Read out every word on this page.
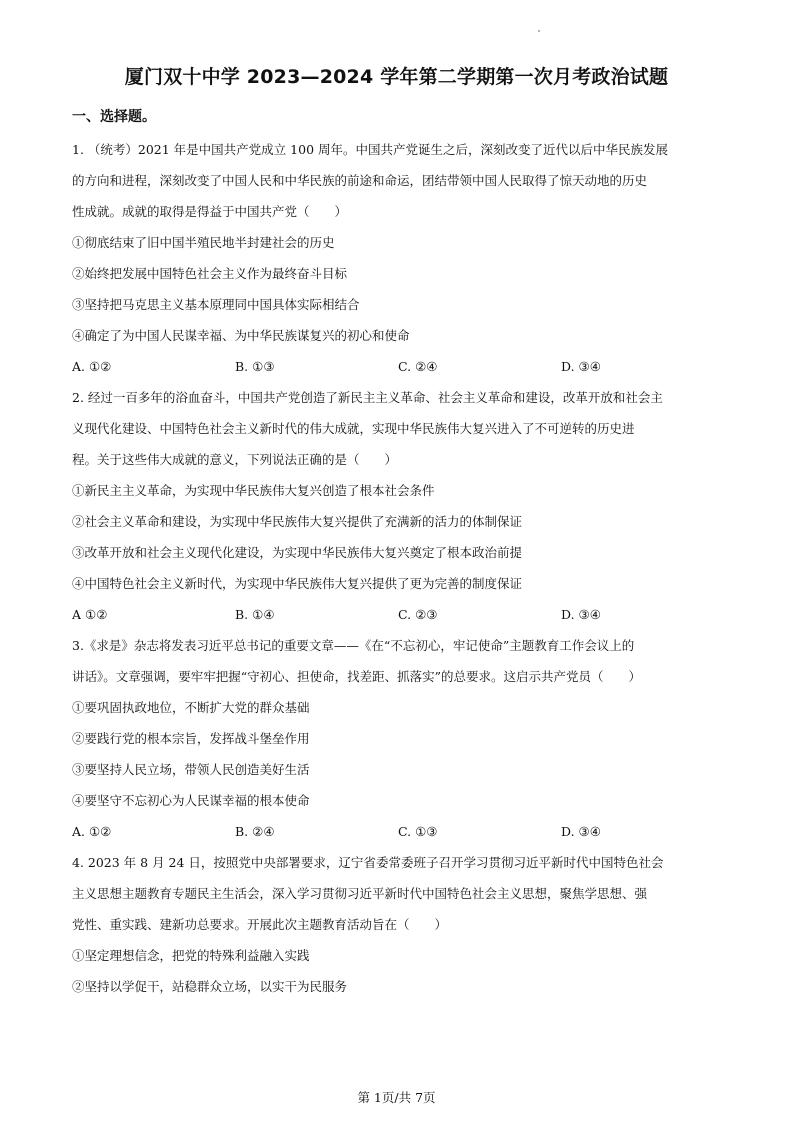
厦门双十中学 2023—2024 学年第二学期第一次月考政治试题
一、选择题。
1. （统考）2021 年是中国共产党成立 100 周年。中国共产党诞生之后，深刻改变了近代以后中华民族发展
的方向和进程，深刻改变了中国人民和中华民族的前途和命运，团结带领中国人民取得了惊天动地的历史
性成就。成就的取得是得益于中国共产党（　　）
①彻底结束了旧中国半殖民地半封建社会的历史
②始终把发展中国特色社会主义作为最终奋斗目标
③坚持把马克思主义基本原理同中国具体实际相结合
④确定了为中国人民谋幸福、为中华民族谋复兴的初心和使命
A. ①②	B. ①③	C. ②④	D. ③④
2. 经过一百多年的浴血奋斗，中国共产党创造了新民主主义革命、社会主义革命和建设，改革开放和社会主
义现代化建设、中国特色社会主义新时代的伟大成就，实现中华民族伟大复兴进入了不可逆转的历史进
程。关于这些伟大成就的意义，下列说法正确的是（　　）
①新民主主义革命，为实现中华民族伟大复兴创造了根本社会条件
②社会主义革命和建设，为实现中华民族伟大复兴提供了充满新的活力的体制保证
③改革开放和社会主义现代化建设，为实现中华民族伟大复兴奠定了根本政治前提
④中国特色社会主义新时代，为实现中华民族伟大复兴提供了更为完善的制度保证
A ①②	B. ①④	C. ②③	D. ③④
3.《求是》杂志将发表习近平总书记的重要文章——《在“不忘初心，牢记使命”主题教育工作会议上的
讲话》。文章强调，要牢牢把握“守初心、担使命，找差距、抓落实”的总要求。这启示共产党员（　　）
①要巩固执政地位，不断扩大党的群众基础
②要践行党的根本宗旨，发挥战斗堡垒作用
③要坚持人民立场，带领人民创造美好生活
④要坚守不忘初心为人民谋幸福的根本使命
A. ①②	B. ②④	C. ①③	D. ③④
4. 2023 年 8 月 24 日，按照党中央部署要求，辽宁省委常委班子召开学习贯彻习近平新时代中国特色社会
主义思想主题教育专题民主生活会，深入学习贯彻习近平新时代中国特色社会主义思想，聚焦学思想、强
党性、重实践、建新功总要求。开展此次主题教育活动旨在（　　）
①坚定理想信念，把党的特殊利益融入实践
②坚持以学促干，站稳群众立场，以实干为民服务
第 1页/共 7页
